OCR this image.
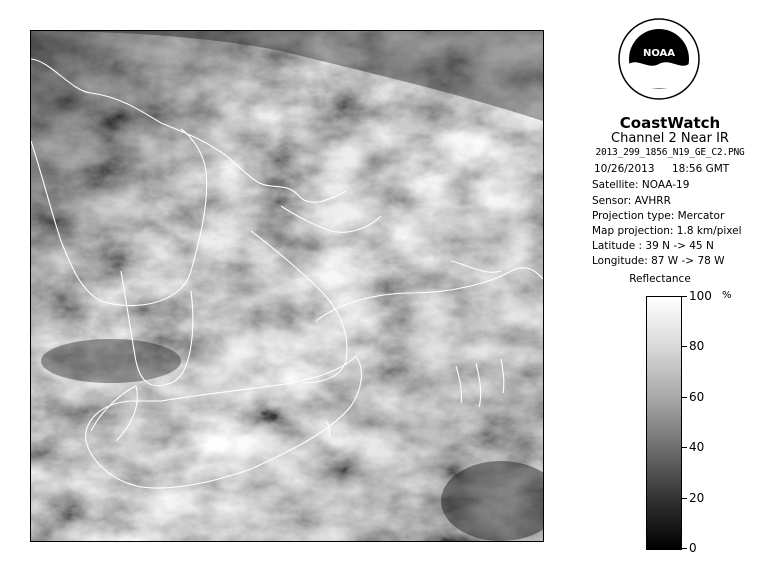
NOAA
CoastWatch
Channel 2 Near IR
2013_299_1856_N19_GE_C2.PNG
10/26/2013 18:56 GMT
Satellite: NOAA-19
Sensor: AVHRR
Projection type: Mercator
Map projection: 1.8 km/pixel
Latitude : 39 N -> 45 N
Longitude: 87 W -> 78 W
Reflectance
%
100
80
60
40
20
0
